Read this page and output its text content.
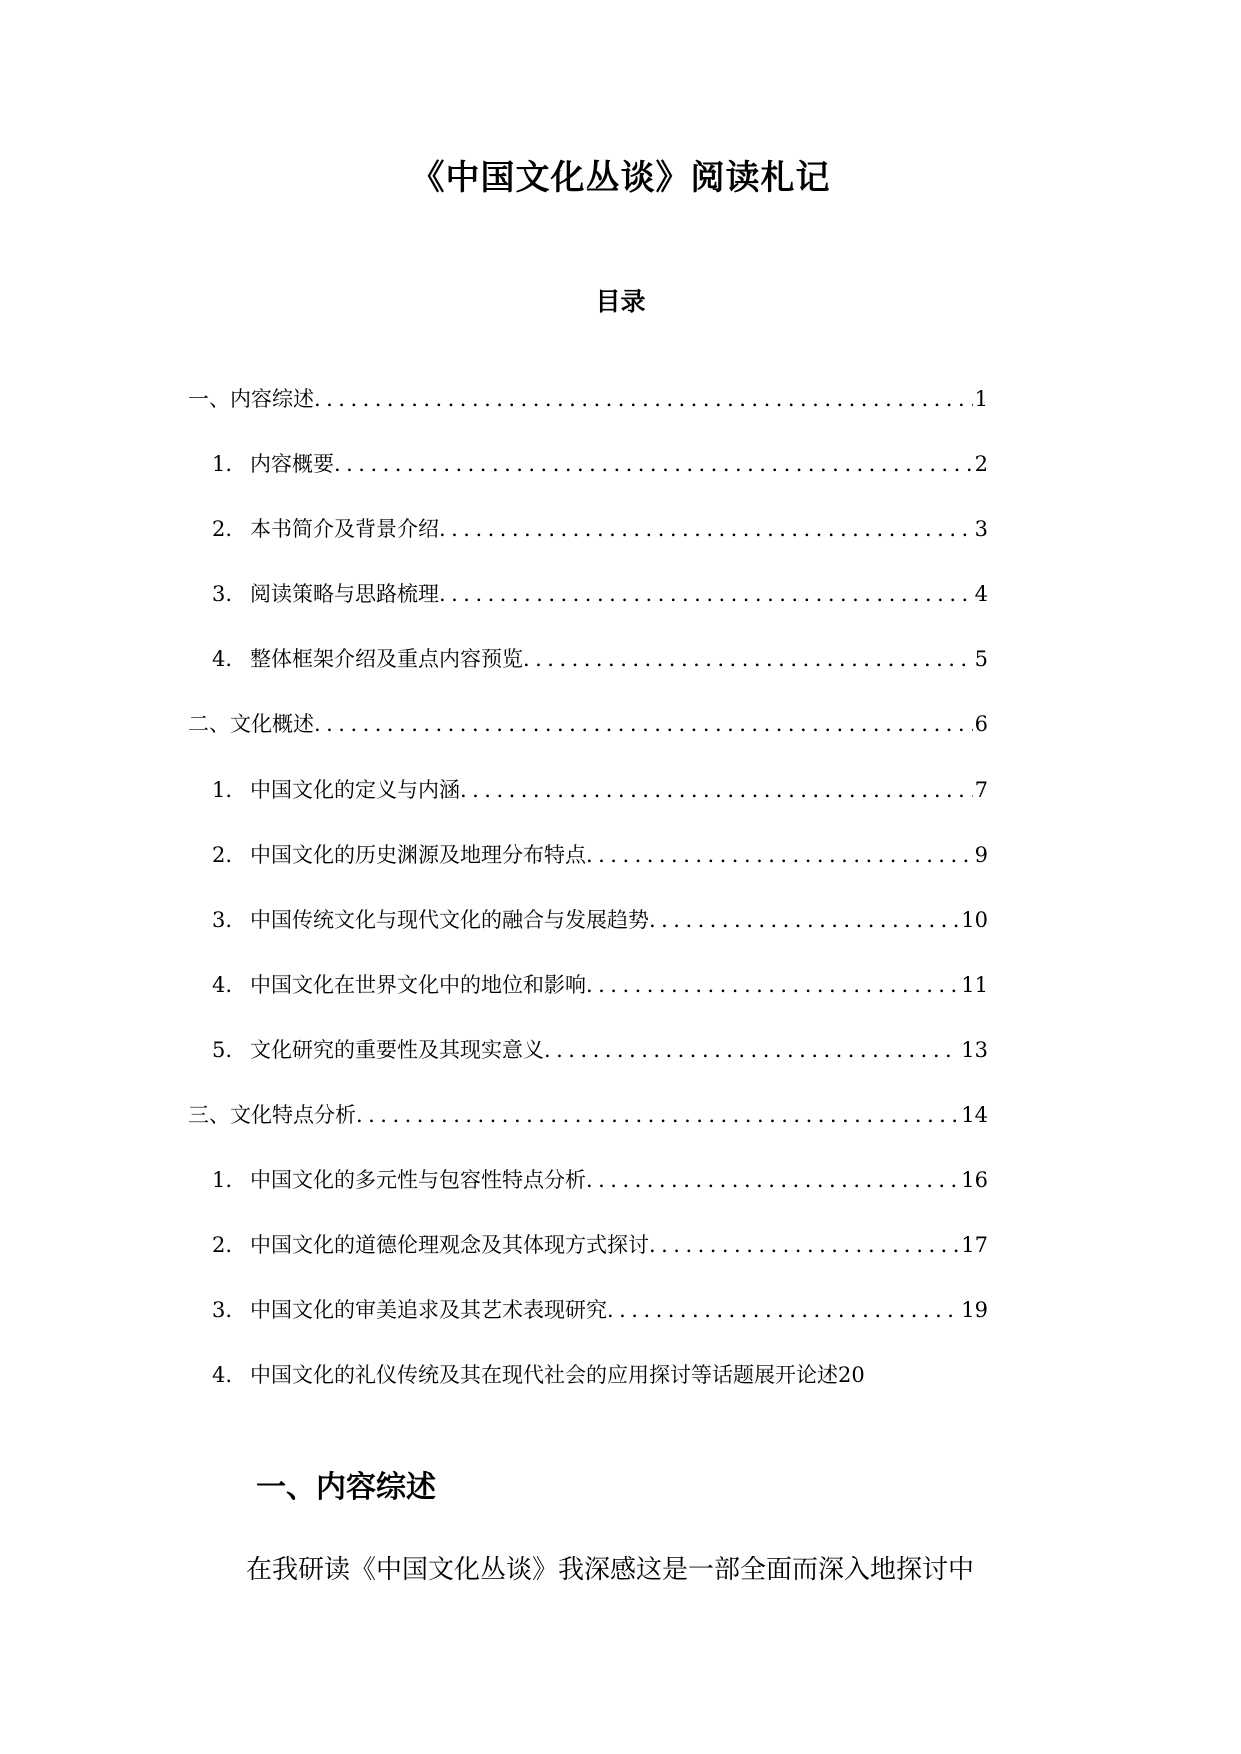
《中国文化丛谈》阅读札记
目录
一、内容综述 . . .	1
1. 内容概要 . . .	2
2. 本书简介及背景介绍 . . .	3
3. 阅读策略与思路梳理 . . .	4
4. 整体框架介绍及重点内容预览 . . .	5
二、文化概述 . . .	6
1. 中国文化的定义与内涵 . . .	7
2. 中国文化的历史渊源及地理分布特点 . . .	9
3. 中国传统文化与现代文化的融合与发展趋势 . . .	10
4. 中国文化在世界文化中的地位和影响 . . .	11
5. 文化研究的重要性及其现实意义 . . .	13
三、文化特点分析 . . .	14
1. 中国文化的多元性与包容性特点分析 . . .	16
2. 中国文化的道德伦理观念及其体现方式探讨 . . .	17
3. 中国文化的审美追求及其艺术表现研究 . . .	19
4. 中国文化的礼仪传统及其在现代社会的应用探讨等话题展开论述 20
一、内容综述
在我研读《中国文化丛谈》我深感这是一部全面而深入地探讨中
